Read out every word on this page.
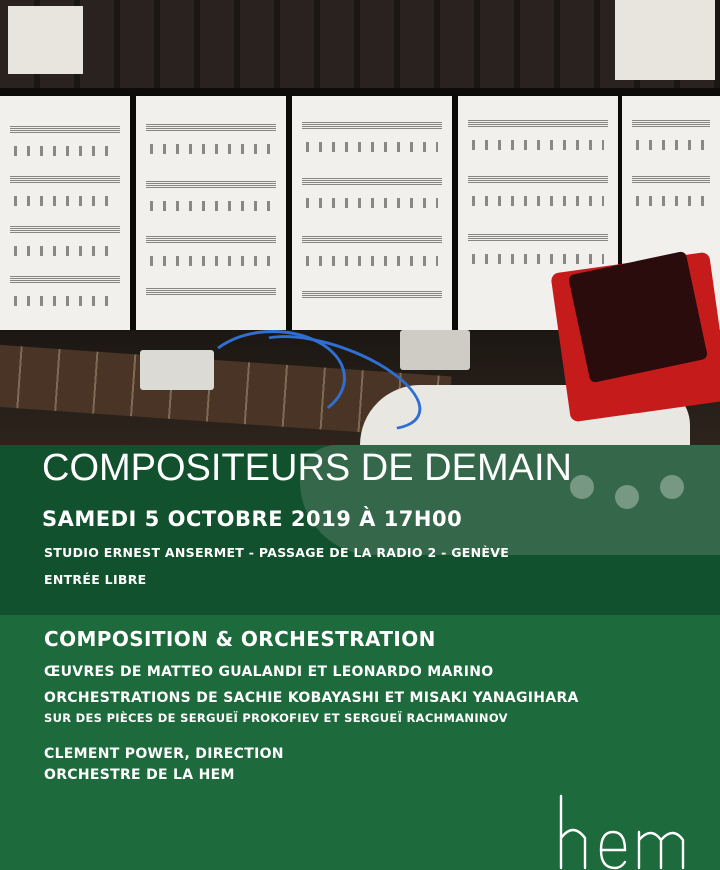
COMPOSITEURS DE DEMAIN

SAMEDI 5 OCTOBRE 2019 À 17H00

STUDIO ERNEST ANSERMET - PASSAGE DE LA RADIO 2 - GENÈVE

ENTRÉE LIBRE

COMPOSITION & ORCHESTRATION

ŒUVRES DE MATTEO GUALANDI ET LEONARDO MARINO

ORCHESTRATIONS DE SACHIE KOBAYASHI ET MISAKI YANAGIHARA

SUR DES PIÈCES DE SERGUEÏ PROKOFIEV ET SERGUEÏ RACHMANINOV

CLEMENT POWER, DIRECTION

ORCHESTRE DE LA HEM
